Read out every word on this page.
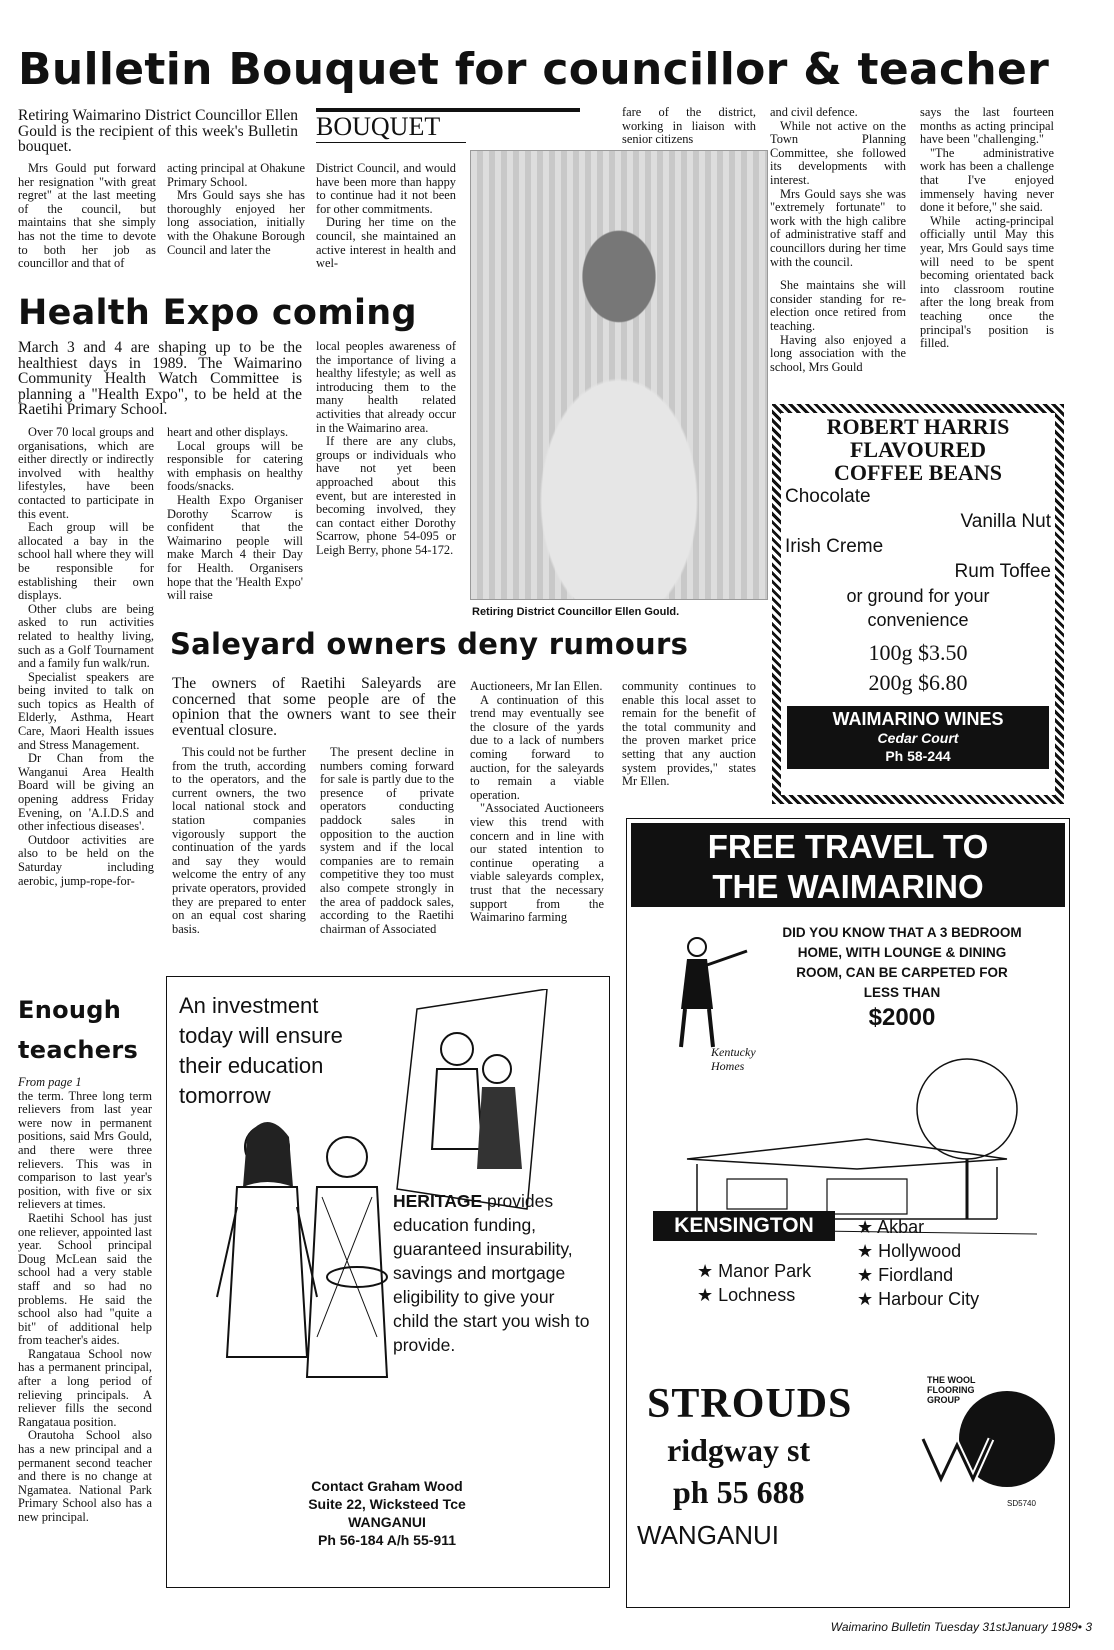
Bulletin Bouquet for councillor & teacher
Retiring Waimarino District Councillor Ellen Gould is the recipient of this week's Bulletin bouquet.
BOUQUET

Mrs Gould put forward her resignation "with great regret" at the last meeting of the council, but maintains that she simply has not the time to devote to both her job as councillor and that of

acting principal at Ohakune Primary School.

Mrs Gould says she has thoroughly enjoyed her long association, initially with the Ohakune Borough Council and later the

District Council, and would have been more than happy to continue had it not been for other commitments.

During her time on the council, she maintained an active interest in health and wel-

Retiring District Councillor Ellen Gould.

fare of the district, working in liaison with senior citizens

and civil defence.

While not active on the Town Planning Committee, she followed its developments with interest.

Mrs Gould says she was "extremely fortunate" to work with the high calibre of administrative staff and councillors during her time with the council.

She maintains she will consider standing for re-election once retired from teaching.

Having also enjoyed a long association with the school, Mrs Gould

says the last fourteen months as acting principal have been "challenging."

"The administrative work has been a challenge that I've enjoyed immensely having never done it before," she said.

While acting-principal officially until May this year, Mrs Gould says time will need to be spent becoming orientated back into classroom routine after the long break from teaching once the principal's position is filled.

Health Expo coming
March 3 and 4 are shaping up to be the healthiest days in 1989. The Waimarino Community Health Watch Committee is planning a "Health Expo", to be held at the Raetihi Primary School.

Over 70 local groups and organisations, which are either directly or indirectly involved with healthy lifestyles, have been contacted to participate in this event.

Each group will be allocated a bay in the school hall where they will be responsible for establishing their own displays.

Other clubs are being asked to run activities related to healthy living, such as a Golf Tournament and a family fun walk/run.

Specialist speakers are being invited to talk on such topics as Health of Elderly, Asthma, Heart Care, Maori Health issues and Stress Management.

Dr Chan from the Wanganui Area Health Board will be giving an opening address Friday Evening, on 'A.I.D.S and other infectious diseases'.

Outdoor activities are also to be held on the Saturday including aerobic, jump-rope-for-

heart and other displays.

Local groups will be responsible for catering with emphasis on healthy foods/snacks.

Health Expo Organiser Dorothy Scarrow is confident that the Waimarino people will make March 4 their Day for Health. Organisers hope that the 'Health Expo' will raise

local peoples awareness of the importance of living a healthy lifestyle; as well as introducing them to the many health related activities that already occur in the Waimarino area.

If there are any clubs, groups or individuals who have not yet been approached about this event, but are interested in becoming involved, they can contact either Dorothy Scarrow, phone 54-095 or Leigh Berry, phone 54-172.

Saleyard owners deny rumours
The owners of Raetihi Saleyards are concerned that some people are of the opinion that the owners want to see their eventual closure.

This could not be further from the truth, according to the operators, and the current owners, the two local national stock and station companies vigorously support the continuation of the yards and say they would welcome the entry of any private operators, provided they are prepared to enter on an equal cost sharing basis.

The present decline in numbers coming forward for sale is partly due to the presence of private operators conducting paddock sales in opposition to the auction system and if the local companies are to remain competitive they too must also compete strongly in the area of paddock sales, according to the Raetihi chairman of Associated

Auctioneers, Mr Ian Ellen.

A continuation of this trend may eventually see the closure of the yards due to a lack of numbers coming forward to auction, for the saleyards to remain a viable operation.

"Associated Auctioneers view this trend with concern and in line with our stated intention to continue operating a viable saleyards complex, trust that the necessary support from the Waimarino farming

community continues to enable this local asset to remain for the benefit of the total community and the proven market price setting that any auction system provides," states Mr Ellen.

ROBERT HARRIS
FLAVOURED
COFFEE BEANS
Chocolate
Vanilla Nut
Irish Creme
Rum Toffee
or ground for your convenience
100g $3.50
200g $6.80
WAIMARINO WINES
Cedar Court
Ph 58-244
Enough teachers

From page 1

the term. Three long term relievers from last year were now in permanent positions, said Mrs Gould, and there were three relievers. This was in comparison to last year's position, with five or six relievers at times.

Raetihi School has just one reliever, appointed last year. School principal Doug McLean said the school had a very stable staff and so had no problems. He said the school also had "quite a bit" of additional help from teacher's aides.

Rangataua School now has a permanent principal, after a long period of relieving principals. A reliever fills the second Rangataua position.

Orautoha School also has a new principal and a permanent second teacher and there is no change at Ngamatea. National Park Primary School also has a new principal.

An investment today will ensure their education tomorrow
HERITAGE provides education funding, guaranteed insurability, savings and mortgage eligibility to give your child the start you wish to provide.
Contact Graham Wood
Suite 22, Wicksteed Tce
WANGANUI
Ph 56-184 A/h 55-911
FREE TRAVEL TO THE WAIMARINO
DID YOU KNOW THAT A 3 BEDROOM HOME, WITH LOUNGE & DINING ROOM, CAN BE CARPETED FOR LESS THAN
$2000
Kentucky Homes
KENSINGTON
★ Manor Park
★ Lochness
★ Akbar
★ Hollywood
★ Fiordland
★ Harbour City
STROUDS
ridgway st
ph 55 688
THE WOOL FLOORING GROUP
SD5740
WANGANUI
Waimarino Bulletin Tuesday 31stJanuary 1989• 3
